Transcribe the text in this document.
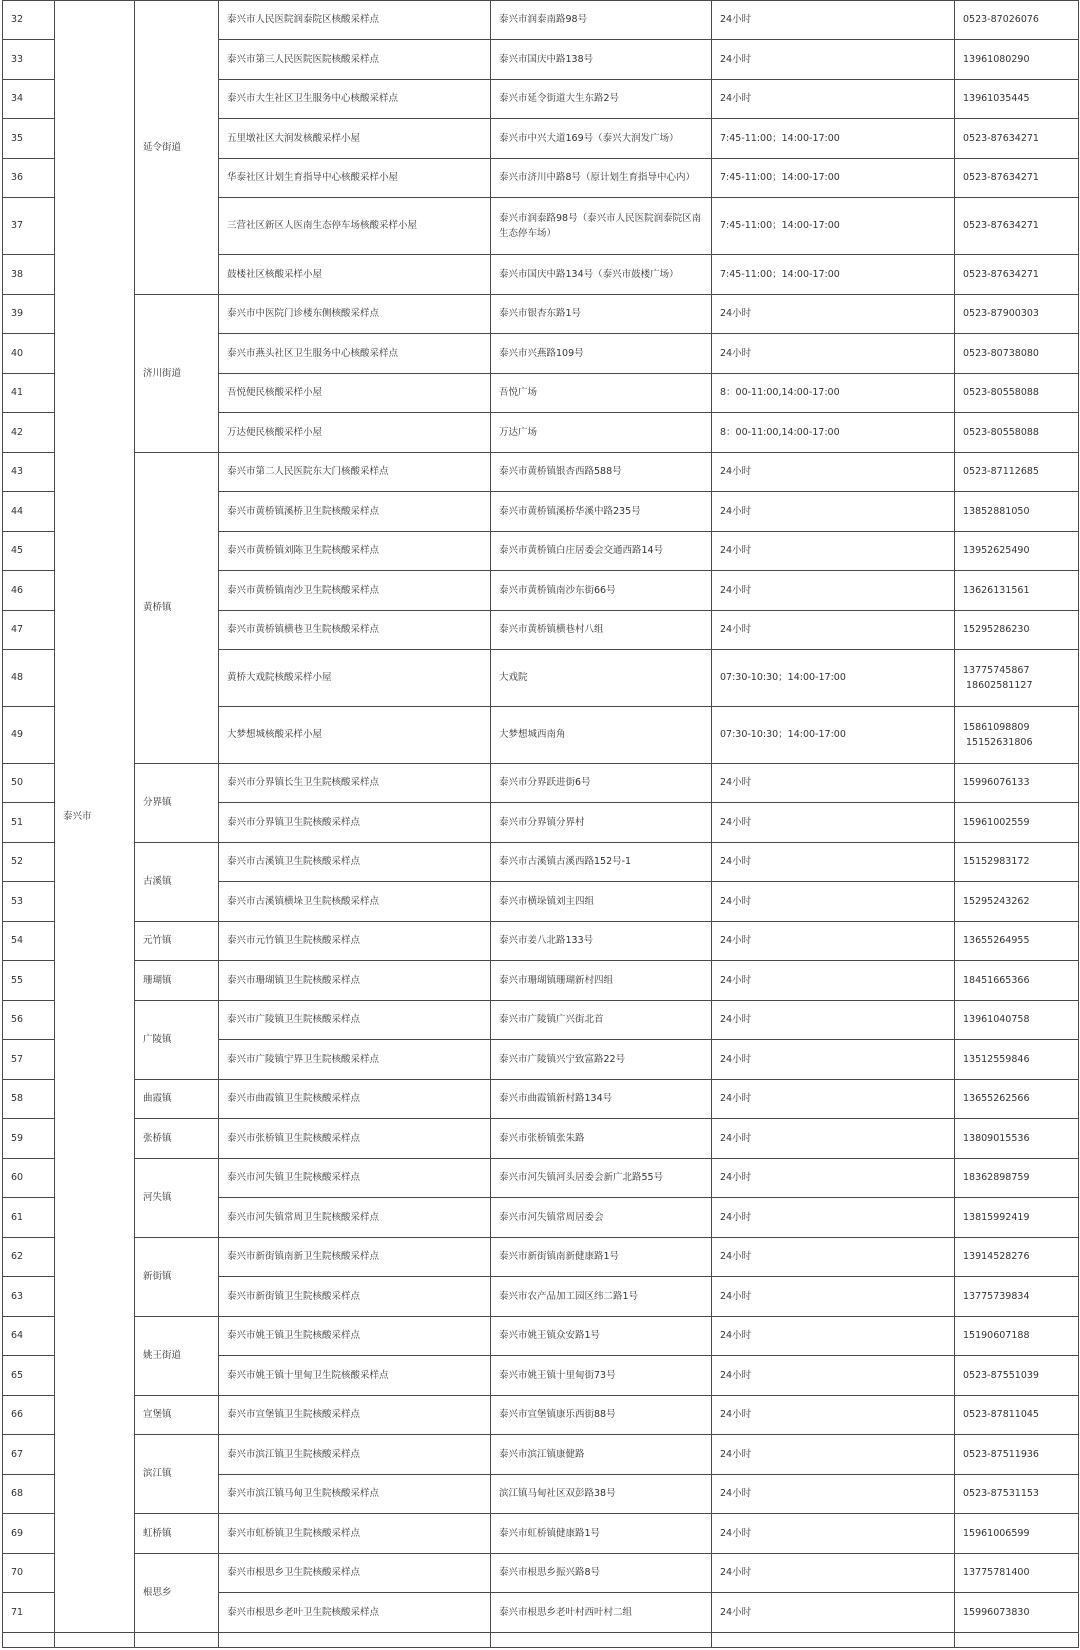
32	泰兴市	延令街道	泰兴市人民医院润泰院区核酸采样点	泰兴市润泰南路98号	24小时	0523-87026076

33			泰兴市第三人民医院医院核酸采样点	泰兴市国庆中路138号	24小时	13961080290

34			泰兴市大生社区卫生服务中心核酸采样点	泰兴市延令街道大生东路2号	24小时	13961035445

35			五里墩社区大润发核酸采样小屋	泰兴市中兴大道169号（泰兴大润发广场）	7:45-11:00；14:00-17:00	0523-87634271

36			华泰社区计划生育指导中心核酸采样小屋	泰兴市济川中路8号（原计划生育指导中心内）	7:45-11:00；14:00-17:00	0523-87634271

37			三营社区新区人医南生态停车场核酸采样小屋	泰兴市润泰路98号（泰兴市人民医院润泰院区南生态停车场）	7:45-11:00；14:00-17:00	0523-87634271

38			鼓楼社区核酸采样小屋	泰兴市国庆中路134号（泰兴市鼓楼广场）	7:45-11:00；14:00-17:00	0523-87634271

39		济川街道	泰兴市中医院门诊楼东侧核酸采样点	泰兴市银杏东路1号	24小时	0523-87900303

40			泰兴市燕头社区卫生服务中心核酸采样点	泰兴市兴燕路109号	24小时	0523-80738080

41			吾悦便民核酸采样小屋	吾悦广场	8：00-11:00,14:00-17:00	0523-80558088

42			万达便民核酸采样小屋	万达广场	8：00-11:00,14:00-17:00	0523-80558088

43		黄桥镇	泰兴市第二人民医院东大门核酸采样点	泰兴市黄桥镇银杏西路588号	24小时	0523-87112685

44			泰兴市黄桥镇溪桥卫生院核酸采样点	泰兴市黄桥镇溪桥华溪中路235号	24小时	13852881050

45			泰兴市黄桥镇刘陈卫生院核酸采样点	泰兴市黄桥镇白庄居委会交通西路14号	24小时	13952625490

46			泰兴市黄桥镇南沙卫生院核酸采样点	泰兴市黄桥镇南沙东街66号	24小时	13626131561

47			泰兴市黄桥镇横巷卫生院核酸采样点	泰兴市黄桥镇横巷村八组	24小时	15295286230

48			黄桥大戏院核酸采样小屋	大戏院	07:30-10:30；14:00-17:00	13775745867
18602581127

49			大梦想城核酸采样小屋	大梦想城西南角	07:30-10:30；14:00-17:00	15861098809
15152631806

50		分界镇	泰兴市分界镇长生卫生院核酸采样点	泰兴市分界跃进街6号	24小时	15996076133

51			泰兴市分界镇卫生院核酸采样点	泰兴市分界镇分界村	24小时	15961002559

52		古溪镇	泰兴市古溪镇卫生院核酸采样点	泰兴市古溪镇古溪西路152号-1	24小时	15152983172

53			泰兴市古溪镇横垛卫生院核酸采样点	泰兴市横垛镇刘主四组	24小时	15295243262

54		元竹镇	泰兴市元竹镇卫生院核酸采样点	泰兴市姜八北路133号	24小时	13655264955

55		珊瑚镇	泰兴市珊瑚镇卫生院核酸采样点	泰兴市珊瑚镇珊瑚新村四组	24小时	18451665366

56		广陵镇	泰兴市广陵镇卫生院核酸采样点	泰兴市广陵镇广兴街北首	24小时	13961040758

57			泰兴市广陵镇宁界卫生院核酸采样点	泰兴市广陵镇兴宁致富路22号	24小时	13512559846

58		曲霞镇	泰兴市曲霞镇卫生院核酸采样点	泰兴市曲霞镇新村路134号	24小时	13655262566

59		张桥镇	泰兴市张桥镇卫生院核酸采样点	泰兴市张桥镇张朱路	24小时	13809015536

60		河失镇	泰兴市河失镇卫生院核酸采样点	泰兴市河失镇河头居委会新广北路55号	24小时	18362898759

61			泰兴市河失镇常周卫生院核酸采样点	泰兴市河失镇常周居委会	24小时	13815992419

62		新街镇	泰兴市新街镇南新卫生院核酸采样点	泰兴市新街镇南新健康路1号	24小时	13914528276

63			泰兴市新街镇卫生院核酸采样点	泰兴市农产品加工园区纬二路1号	24小时	13775739834

64		姚王街道	泰兴市姚王镇卫生院核酸采样点	泰兴市姚王镇众安路1号	24小时	15190607188

65			泰兴市姚王镇十里甸卫生院核酸采样点	泰兴市姚王镇十里甸街73号	24小时	0523-87551039

66		宣堡镇	泰兴市宣堡镇卫生院核酸采样点	泰兴市宣堡镇康乐西街88号	24小时	0523-87811045

67		滨江镇	泰兴市滨江镇卫生院核酸采样点	泰兴市滨江镇康健路	24小时	0523-87511936

68			泰兴市滨江镇马甸卫生院核酸采样点	滨江镇马甸社区双彭路38号	24小时	0523-87531153

69		虹桥镇	泰兴市虹桥镇卫生院核酸采样点	泰兴市虹桥镇健康路1号	24小时	15961006599

70		根思乡	泰兴市根思乡卫生院核酸采样点	泰兴市根思乡振兴路8号	24小时	13775781400

71			泰兴市根思乡老叶卫生院核酸采样点	泰兴市根思乡老叶村西叶村二组	24小时	15996073830
